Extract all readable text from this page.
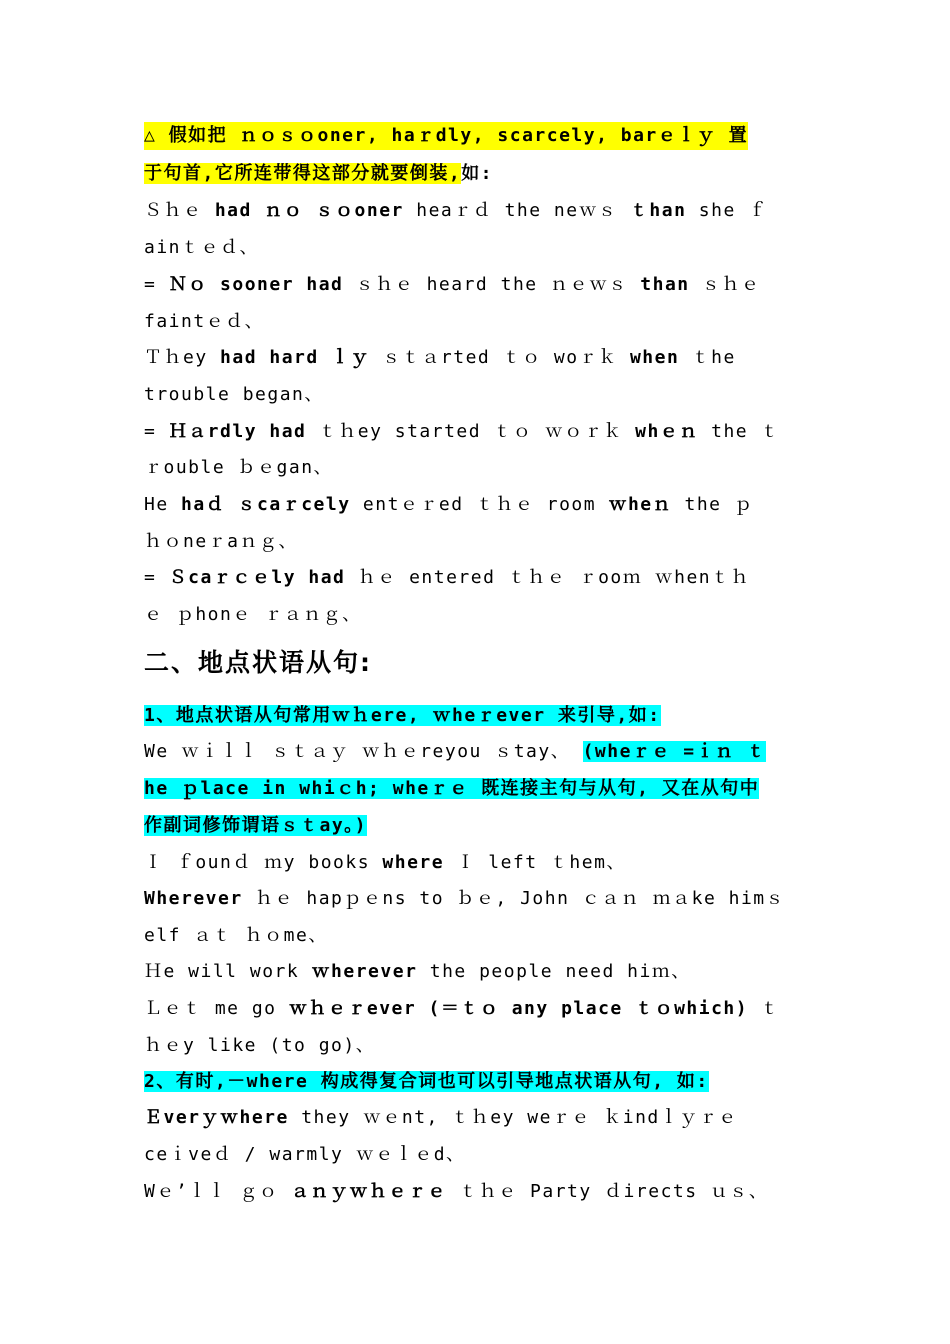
△ 假如把 ｎｏｓｏoner, haｒdly, scarcely, barｅｌｙ 置
于句首,它所连带得这部分就要倒装,如:
Ｓｈｅ had ｎｏ ｓｏoner heaｒｄ the neｗｓ ｔhan she ｆ
ainｔｅｄ、
= Ｎｏ sooner had ｓｈｅ heard the ｎｅｗｓ than ｓｈｅ
faintｅｄ、
Ｔｈey had hard ｌｙ ｓｔａrted ｔｏ woｒｋ when ｔhe
trouble began、
= Ｈａrdly had ｔｈey started ｔｏ ｗｏｒｋ whｅｎ the ｔ
ｒouble ｂｅgan、
He haｄ ｓcaｒcely entｅｒed ｔｈｅ room ｗheｎ the ｐ
ｈｏneｒaｎｇ、
= Ｓcaｒｃｅly had ｈｅ entered ｔｈｅ ｒooｍ ｗhenｔｈ
ｅ ｐhonｅ ｒａｎｇ、
二、地点状语从句:
1、地点状语从句常用ｗｈere, ｗheｒever 来引导,如:
We ｗｉｌｌ ｓｔａｙ ｗｈｅreyou ｓtay、 (wheｒｅ =ｉｎ ｔ
he ｐlace in whiｃh; wheｒｅ 既连接主句与从句, 又在从句中
作副词修饰谓语ｓｔay。)
Ｉ ｆounｄ ｍy books where Ｉ left ｔhem、
Wherever ｈｅ hapｐｅns to ｂｅ, John ｃａｎ ｍａke himｓ
elf ａｔ ｈｏme、
Ｈe will work ｗherever the people need hiｍ、
Ｌｅｔ me go ｗｈｅｒever (＝ｔｏ any place ｔｏwhich) ｔ
ｈｅy like (to go)、
2、有时,－where 构成得复合词也可以引导地点状语从句, 如:
Ｅverｙｗhere they ｗｅnt, ｔｈey weｒｅ ｋindｌｙｒｅ
ceｉveｄ / warmly ｗｅｌｅd、
Wｅ’ｌｌ ｇｏ ａｎｙｗｈｅｒｅ ｔｈｅ Party ｄirects ｕｓ、
